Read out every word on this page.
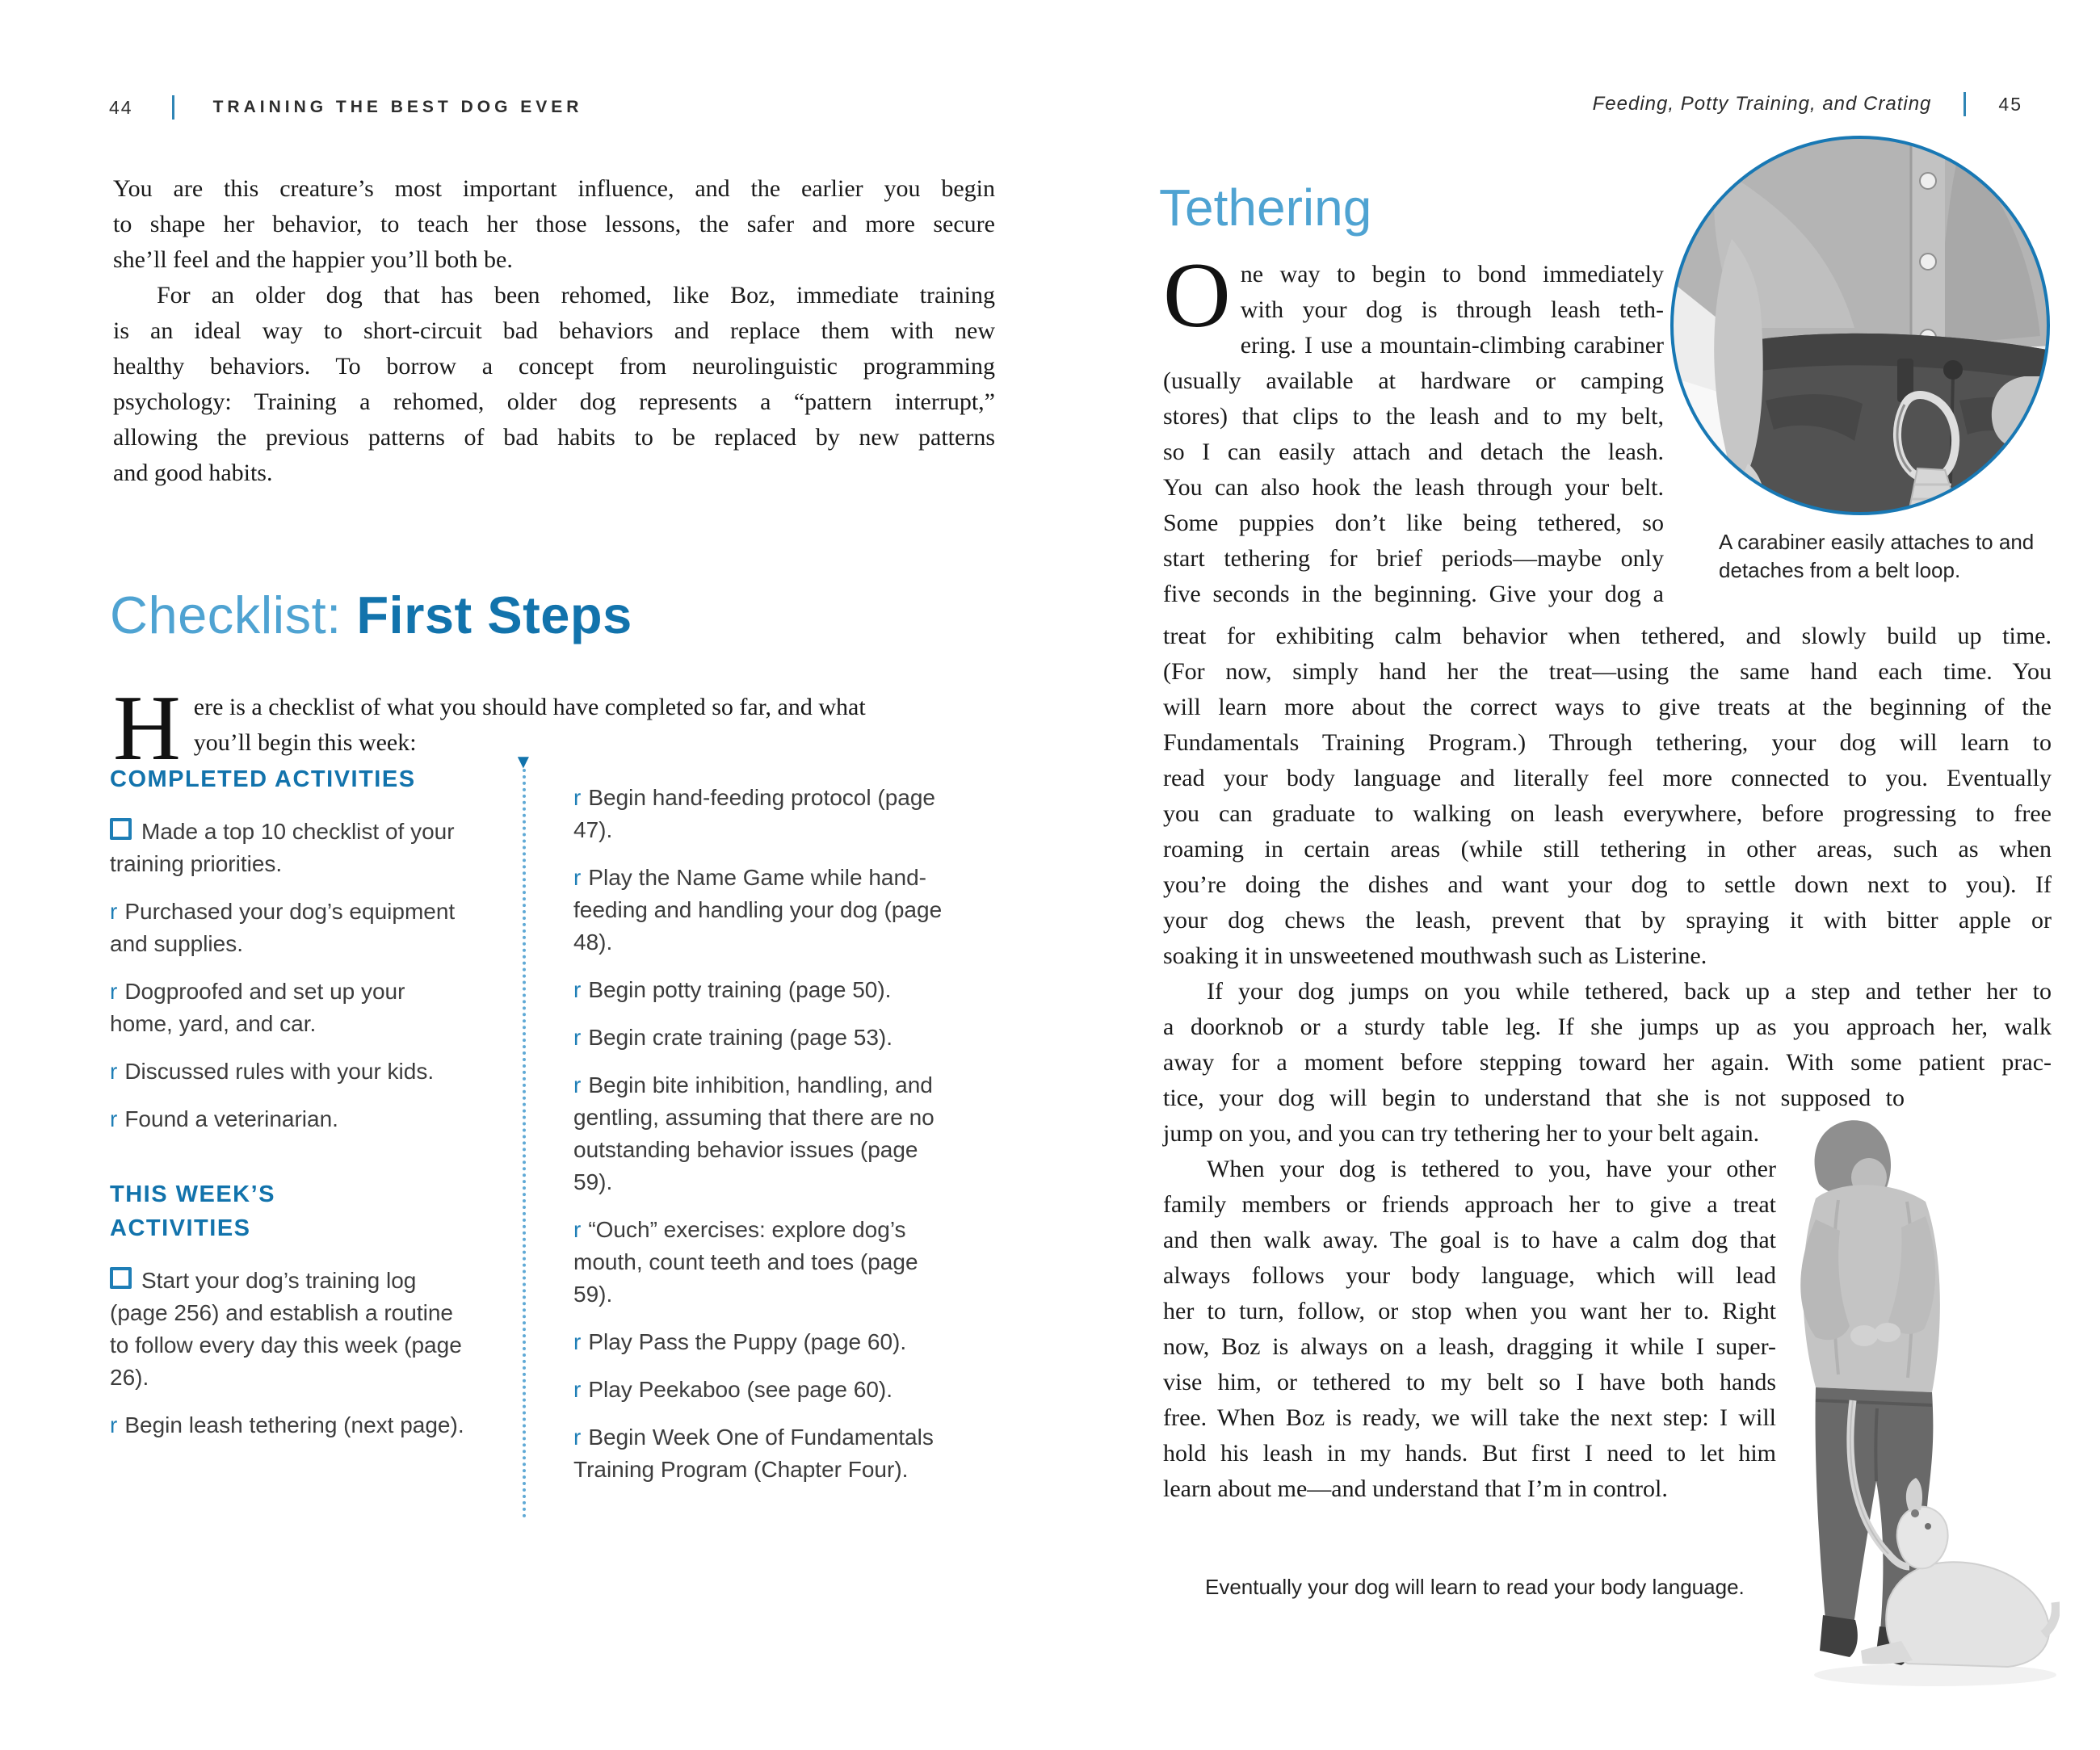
44	TRAINING THE BEST DOG EVER
You are this creature’s most important influence, and the earlier you begin
to shape her behavior, to teach her those lessons, the safer and more secure
she’ll feel and the happier you’ll both be.
For an older dog that has been rehomed, like Boz, immediate training
is an ideal way to short-circuit bad behaviors and replace them with new
healthy behaviors. To borrow a concept from neurolinguistic programming
psychology: Training a rehomed, older dog represents a “pattern interrupt,”
allowing the previous patterns of bad habits to be replaced by new patterns
and good habits.
Checklist: First Steps
H ere is a checklist of what you should have completed so far, and what
you’ll begin this week:
COMPLETED ACTIVITIES
Made a top 10 checklist of your training priorities.
r Purchased your dog’s equipment and supplies.
r Dogproofed and set up your home, yard, and car.
r Discussed rules with your kids.
r Found a veterinarian.
THIS WEEK’S
ACTIVITIES
Start your dog’s training log (page 256) and establish a routine to follow every day this week (page 26).
r Begin leash tethering (next page).
▼
r Begin hand-feeding protocol (page 47).
r Play the Name Game while hand-feeding and handling your dog (page 48).
r Begin potty training (page 50).
r Begin crate training (page 53).
r Begin bite inhibition, handling, and gentling, assuming that there are no outstanding behavior issues (page 59).
r “Ouch” exercises: explore dog’s mouth, count teeth and toes (page 59).
r Play Pass the Puppy (page 60).
r Play Peekaboo (see page 60).
r Begin Week One of Fundamentals Training Program (Chapter Four).
Feeding, Potty Training, and Crating	45
Tethering
A carabiner easily attaches to and detaches from a belt loop.
O ne way to begin to bond immediately
with your dog is through leash teth-
ering. I use a mountain-climbing carabiner
(usually available at hardware or camping
stores) that clips to the leash and to my belt,
so I can easily attach and detach the leash.
You can also hook the leash through your belt.
Some puppies don’t like being tethered, so
start tethering for brief periods—maybe only
five seconds in the beginning. Give your dog a
treat for exhibiting calm behavior when tethered, and slowly build up time.
(For now, simply hand her the treat—using the same hand each time. You
will learn more about the correct ways to give treats at the beginning of the
Fundamentals Training Program.) Through tethering, your dog will learn to
read your body language and literally feel more connected to you. Eventually
you can graduate to walking on leash everywhere, before progressing to free
roaming in certain areas (while still tethering in other areas, such as when
you’re doing the dishes and want your dog to settle down next to you). If
your dog chews the leash, prevent that by spraying it with bitter apple or
soaking it in unsweetened mouthwash such as Listerine.
If your dog jumps on you while tethered, back up a step and tether her to
a doorknob or a sturdy table leg. If she jumps up as you approach her, walk
away for a moment before stepping toward her again. With some patient prac-
tice, your dog will begin to understand that she is not supposed to
jump on you, and you can try tethering her to your belt again.
When your dog is tethered to you, have your other
family members or friends approach her to give a treat
and then walk away. The goal is to have a calm dog that
always follows your body language, which will lead
her to turn, follow, or stop when you want her to. Right
now, Boz is always on a leash, dragging it while I super-
vise him, or tethered to my belt so I have both hands
free. When Boz is ready, we will take the next step: I will
hold his leash in my hands. But first I need to let him
learn about me—and understand that I’m in control.
Eventually your dog will learn to read your body language.
